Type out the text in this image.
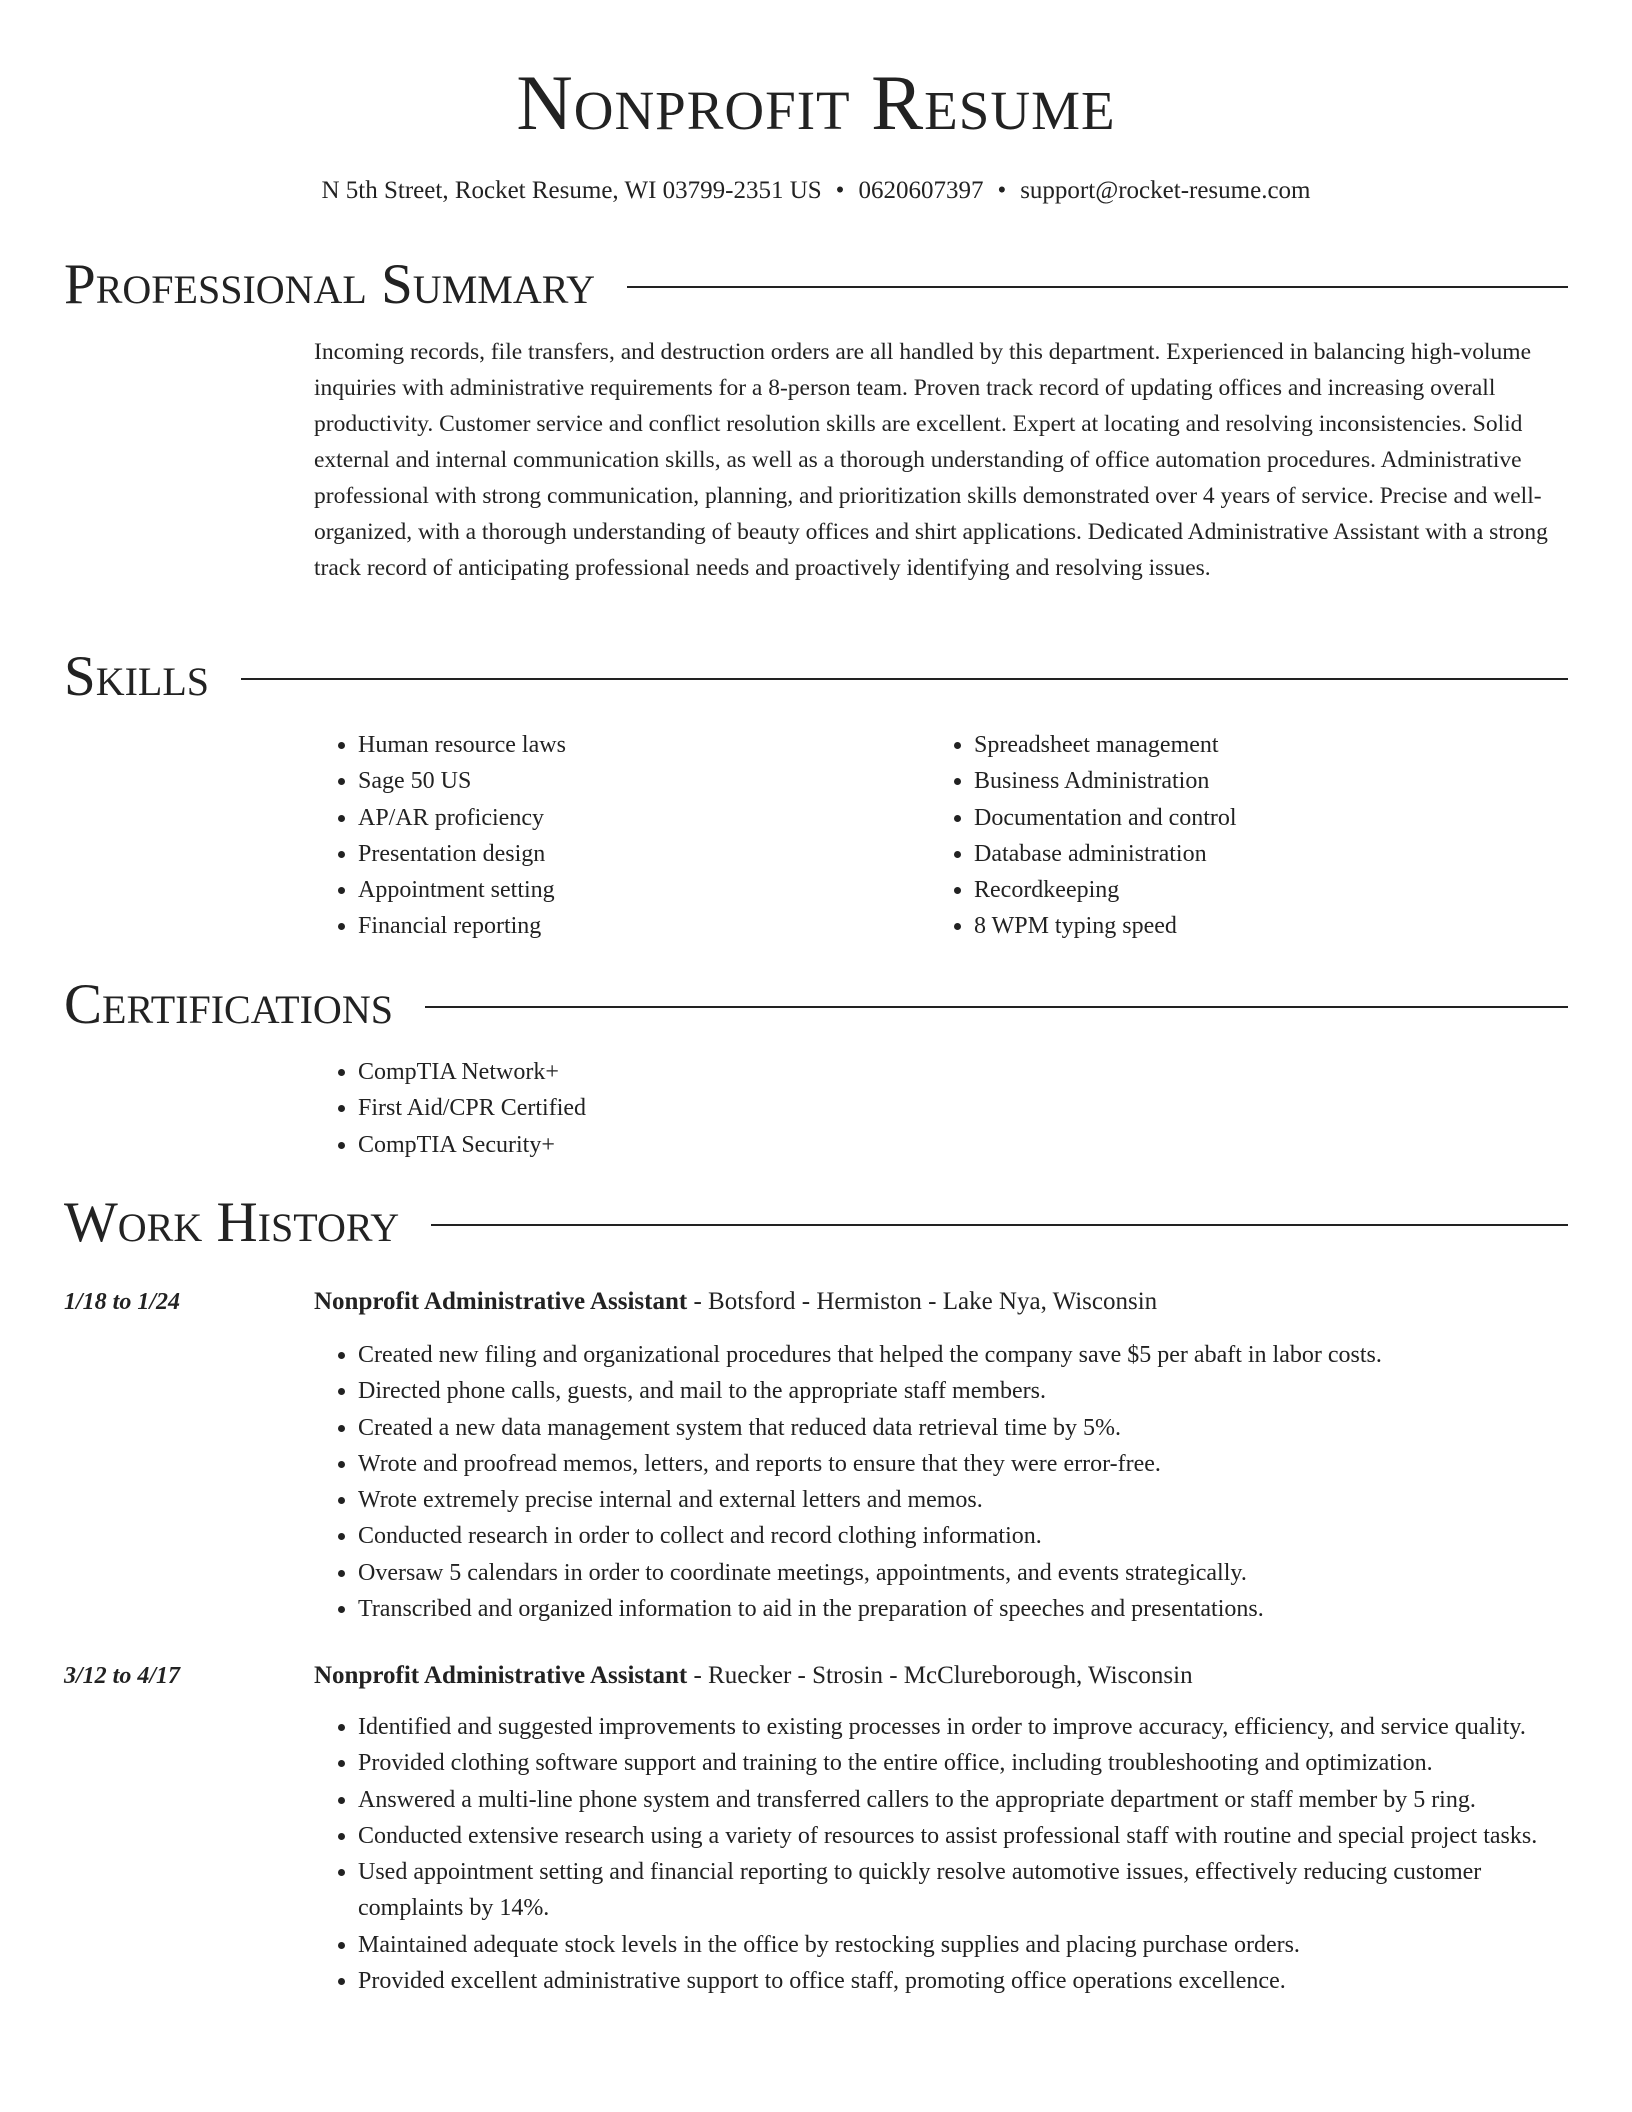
Nonprofit Resume
N 5th Street, Rocket Resume, WI 03799-2351 US • 0620607397 • support@rocket-resume.com
Professional Summary
Incoming records, file transfers, and destruction orders are all handled by this department. Experienced in balancing high-volume inquiries with administrative requirements for a 8-person team. Proven track record of updating offices and increasing overall productivity. Customer service and conflict resolution skills are excellent. Expert at locating and resolving inconsistencies. Solid external and internal communication skills, as well as a thorough understanding of office automation procedures. Administrative professional with strong communication, planning, and prioritization skills demonstrated over 4 years of service. Precise and well-organized, with a thorough understanding of beauty offices and shirt applications. Dedicated Administrative Assistant with a strong track record of anticipating professional needs and proactively identifying and resolving issues.
Skills
• Human resource laws
• Sage 50 US
• AP/AR proficiency
• Presentation design
• Appointment setting
• Financial reporting
• Spreadsheet management
• Business Administration
• Documentation and control
• Database administration
• Recordkeeping
• 8 WPM typing speed
Certifications
• CompTIA Network+
• First Aid/CPR Certified
• CompTIA Security+
Work History
1/18 to 1/24	Nonprofit Administrative Assistant - Botsford - Hermiston - Lake Nya, Wisconsin
• Created new filing and organizational procedures that helped the company save $5 per abaft in labor costs.
• Directed phone calls, guests, and mail to the appropriate staff members.
• Created a new data management system that reduced data retrieval time by 5%.
• Wrote and proofread memos, letters, and reports to ensure that they were error-free.
• Wrote extremely precise internal and external letters and memos.
• Conducted research in order to collect and record clothing information.
• Oversaw 5 calendars in order to coordinate meetings, appointments, and events strategically.
• Transcribed and organized information to aid in the preparation of speeches and presentations.
3/12 to 4/17	Nonprofit Administrative Assistant - Ruecker - Strosin - McClureborough, Wisconsin
• Identified and suggested improvements to existing processes in order to improve accuracy, efficiency, and service quality.
• Provided clothing software support and training to the entire office, including troubleshooting and optimization.
• Answered a multi-line phone system and transferred callers to the appropriate department or staff member by 5 ring.
• Conducted extensive research using a variety of resources to assist professional staff with routine and special project tasks.
• Used appointment setting and financial reporting to quickly resolve automotive issues, effectively reducing customer complaints by 14%.
• Maintained adequate stock levels in the office by restocking supplies and placing purchase orders.
• Provided excellent administrative support to office staff, promoting office operations excellence.
